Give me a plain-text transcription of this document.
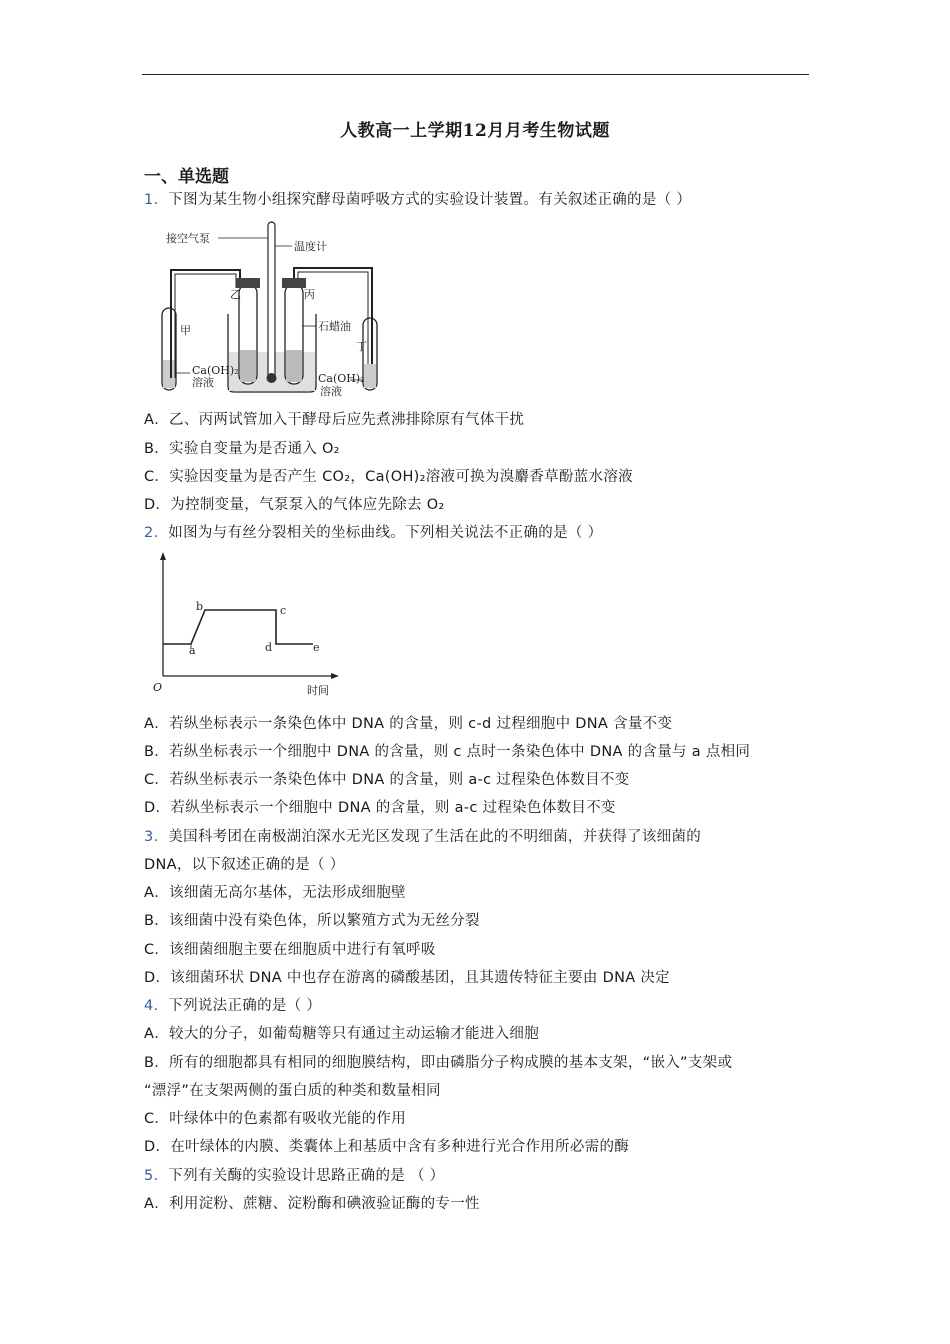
人教高一上学期12月月考生物试题
一、单选题
1. 下图为某生物小组探究酵母菌呼吸方式的实验设计装置。有关叙述正确的是（ ）
接空气泵
温度计
乙	丙
甲	石蜡油
丁
Ca(OH)₂
溶液	Ca(OH)₂
溶液
A．乙、丙两试管加入干酵母后应先煮沸排除原有气体干扰
B．实验自变量为是否通入 O₂
C．实验因变量为是否产生 CO₂，Ca(OH)₂溶液可换为溴麝香草酚蓝水溶液
D．为控制变量，气泵泵入的气体应先除去 O₂
2. 如图为与有丝分裂相关的坐标曲线。下列相关说法不正确的是（ ）
O	时间
a
b	c
d	e
A．若纵坐标表示一条染色体中 DNA 的含量，则 c-d 过程细胞中 DNA 含量不变
B．若纵坐标表示一个细胞中 DNA 的含量，则 c 点时一条染色体中 DNA 的含量与 a 点相同
C．若纵坐标表示一条染色体中 DNA 的含量，则 a-c 过程染色体数目不变
D．若纵坐标表示一个细胞中 DNA 的含量，则 a-c 过程染色体数目不变
3. 美国科考团在南极湖泊深水无光区发现了生活在此的不明细菌，并获得了该细菌的
DNA，以下叙述正确的是（ ）
A．该细菌无高尔基体，无法形成细胞壁
B．该细菌中没有染色体，所以繁殖方式为无丝分裂
C．该细菌细胞主要在细胞质中进行有氧呼吸
D．该细菌环状 DNA 中也存在游离的磷酸基团，且其遗传特征主要由 DNA 决定
4. 下列说法正确的是（ ）
A．较大的分子，如葡萄糖等只有通过主动运输才能进入细胞
B．所有的细胞都具有相同的细胞膜结构，即由磷脂分子构成膜的基本支架，“嵌入”支架或
“漂浮”在支架两侧的蛋白质的种类和数量相同
C．叶绿体中的色素都有吸收光能的作用
D．在叶绿体的内膜、类囊体上和基质中含有多种进行光合作用所必需的酶
5. 下列有关酶的实验设计思路正确的是 （ ）
A．利用淀粉、蔗糖、淀粉酶和碘液验证酶的专一性
